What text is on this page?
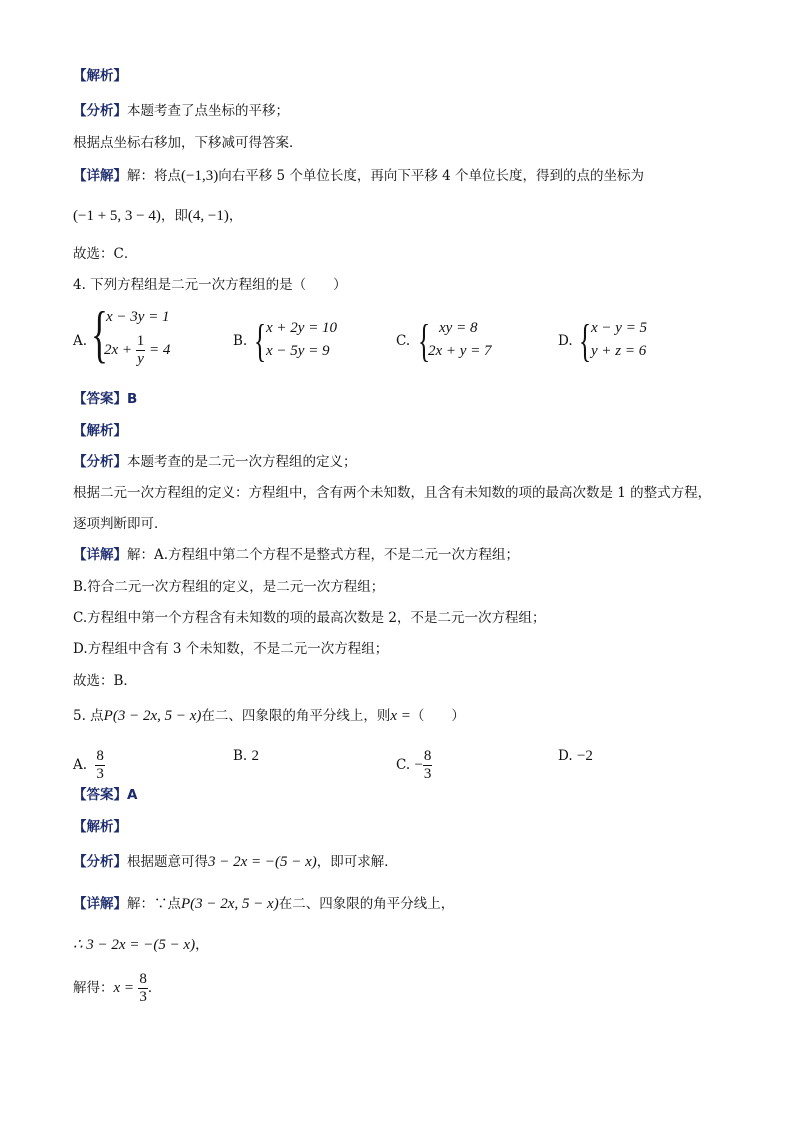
【解析】
【分析】本题考查了点坐标的平移；
根据点坐标右移加，下移减可得答案．
【详解】解：将点(−1,3)向右平移 5 个单位长度，再向下平移 4 个单位长度，得到的点的坐标为
(−1 + 5, 3 − 4)，即(4, −1)，
故选：C．
4. 下列方程组是二元一次方程组的是（　　）
A. {
x − 3y = 1
$2x + \frac{1}{y} = 4$
B. { x + 2y = 10
x − 5y = 9
C. { xy = 8
2x + y = 7
D. { x − y = 5
y + z = 6
【答案】B
【解析】
【分析】本题考查的是二元一次方程组的定义；
根据二元一次方程组的定义：方程组中，含有两个未知数，且含有未知数的项的最高次数是 1 的整式方程，
逐项判断即可．
【详解】解：A.方程组中第二个方程不是整式方程，不是二元一次方程组；
B.符合二元一次方程组的定义，是二元一次方程组；
C.方程组中第一个方程含有未知数的项的最高次数是 2，不是二元一次方程组；
D.方程组中含有 3 个未知数，不是二元一次方程组；
故选：B．
5. 点P(3 − 2x, 5 − x)在二、四象限的角平分线上，则x =（　　）
A. $\frac{8}{3}$	B. 2
C. − $\frac{8}{3}$	D. −2
【答案】A
【解析】
【分析】根据题意可得3 − 2x = −(5 − x)，即可求解．
【详解】解：∵点P(3 − 2x, 5 − x)在二、四象限的角平分线上，
∴ 3 − 2x = −(5 − x)，
解得：$x = \frac{8}{3}$ ．
